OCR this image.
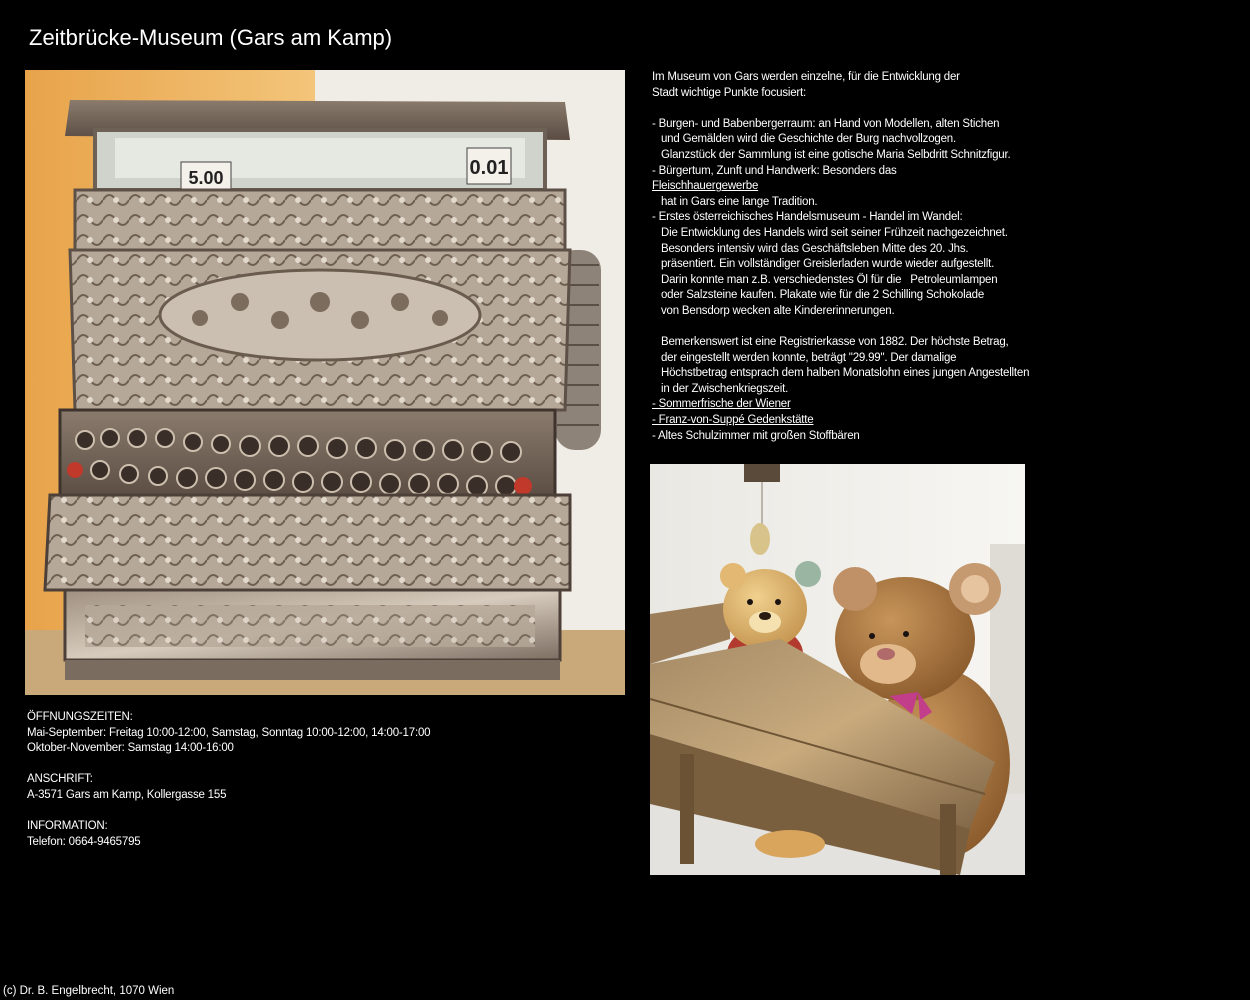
Zeitbrücke-Museum (Gars am Kamp)
5.00	0.01
Im Museum von Gars werden einzelne, für die Entwicklung der
Stadt wichtige Punkte focusiert:
- Burgen- und Babenbergerraum: an Hand von Modellen, alten Stichen
und Gemälden wird die Geschichte der Burg nachvollzogen.
Glanzstück der Sammlung ist eine gotische Maria Selbdritt Schnitzfigur.
- Bürgertum, Zunft und Handwerk: Besonders das
Fleischhauergewerbe
hat in Gars eine lange Tradition.
- Erstes österreichisches Handelsmuseum - Handel im Wandel:
Die Entwicklung des Handels wird seit seiner Frühzeit nachgezeichnet.
Besonders intensiv wird das Geschäftsleben Mitte des 20. Jhs.
präsentiert. Ein vollständiger Greislerladen wurde wieder aufgestellt.
Darin konnte man z.B. verschiedenstes Öl für die   Petroleumlampen
oder Salzsteine kaufen. Plakate wie für die 2 Schilling Schokolade
von Bensdorp wecken alte Kindererinnerungen.
Bemerkenswert ist eine Registrierkasse von 1882. Der höchste Betrag,
der eingestellt werden konnte, beträgt "29.99". Der damalige
Höchstbetrag entsprach dem halben Monatslohn eines jungen Angestellten
in der Zwischenkriegszeit.
- Sommerfrische der Wiener
- Franz-von-Suppé Gedenkstätte
- Altes Schulzimmer mit großen Stoffbären
ÖFFNUNGSZEITEN:
Mai-September: Freitag 10:00-12:00, Samstag, Sonntag 10:00-12:00, 14:00-17:00
Oktober-November: Samstag 14:00-16:00
ANSCHRIFT:
A-3571 Gars am Kamp, Kollergasse 155
INFORMATION:
Telefon: 0664-9465795
(c) Dr. B. Engelbrecht, 1070 Wien
